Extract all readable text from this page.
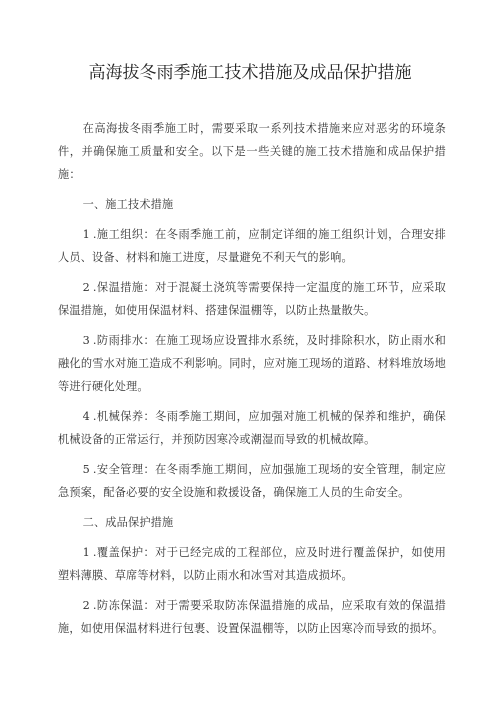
高海拔冬雨季施工技术措施及成品保护措施

在高海拔冬雨季施工时，需要采取一系列技术措施来应对恶劣的环境条件，并确保施工质量和安全。以下是一些关键的施工技术措施和成品保护措施：

一、施工技术措施

1 .施工组织：在冬雨季施工前，应制定详细的施工组织计划，合理安排人员、设备、材料和施工进度，尽量避免不利天气的影响。

2 .保温措施：对于混凝土浇筑等需要保持一定温度的施工环节，应采取保温措施，如使用保温材料、搭建保温棚等，以防止热量散失。

3 .防雨排水：在施工现场应设置排水系统，及时排除积水，防止雨水和融化的雪水对施工造成不利影响。同时，应对施工现场的道路、材料堆放场地等进行硬化处理。

4 .机械保养：冬雨季施工期间，应加强对施工机械的保养和维护，确保机械设备的正常运行，并预防因寒冷或潮湿而导致的机械故障。

5 .安全管理：在冬雨季施工期间，应加强施工现场的安全管理，制定应急预案，配备必要的安全设施和救援设备，确保施工人员的生命安全。

二、成品保护措施

1 .覆盖保护：对于已经完成的工程部位，应及时进行覆盖保护，如使用塑料薄膜、草席等材料，以防止雨水和冰雪对其造成损坏。

2 .防冻保温：对于需要采取防冻保温措施的成品，应采取有效的保温措施，如使用保温材料进行包裹、设置保温棚等，以防止因寒冷而导致的损坏。
